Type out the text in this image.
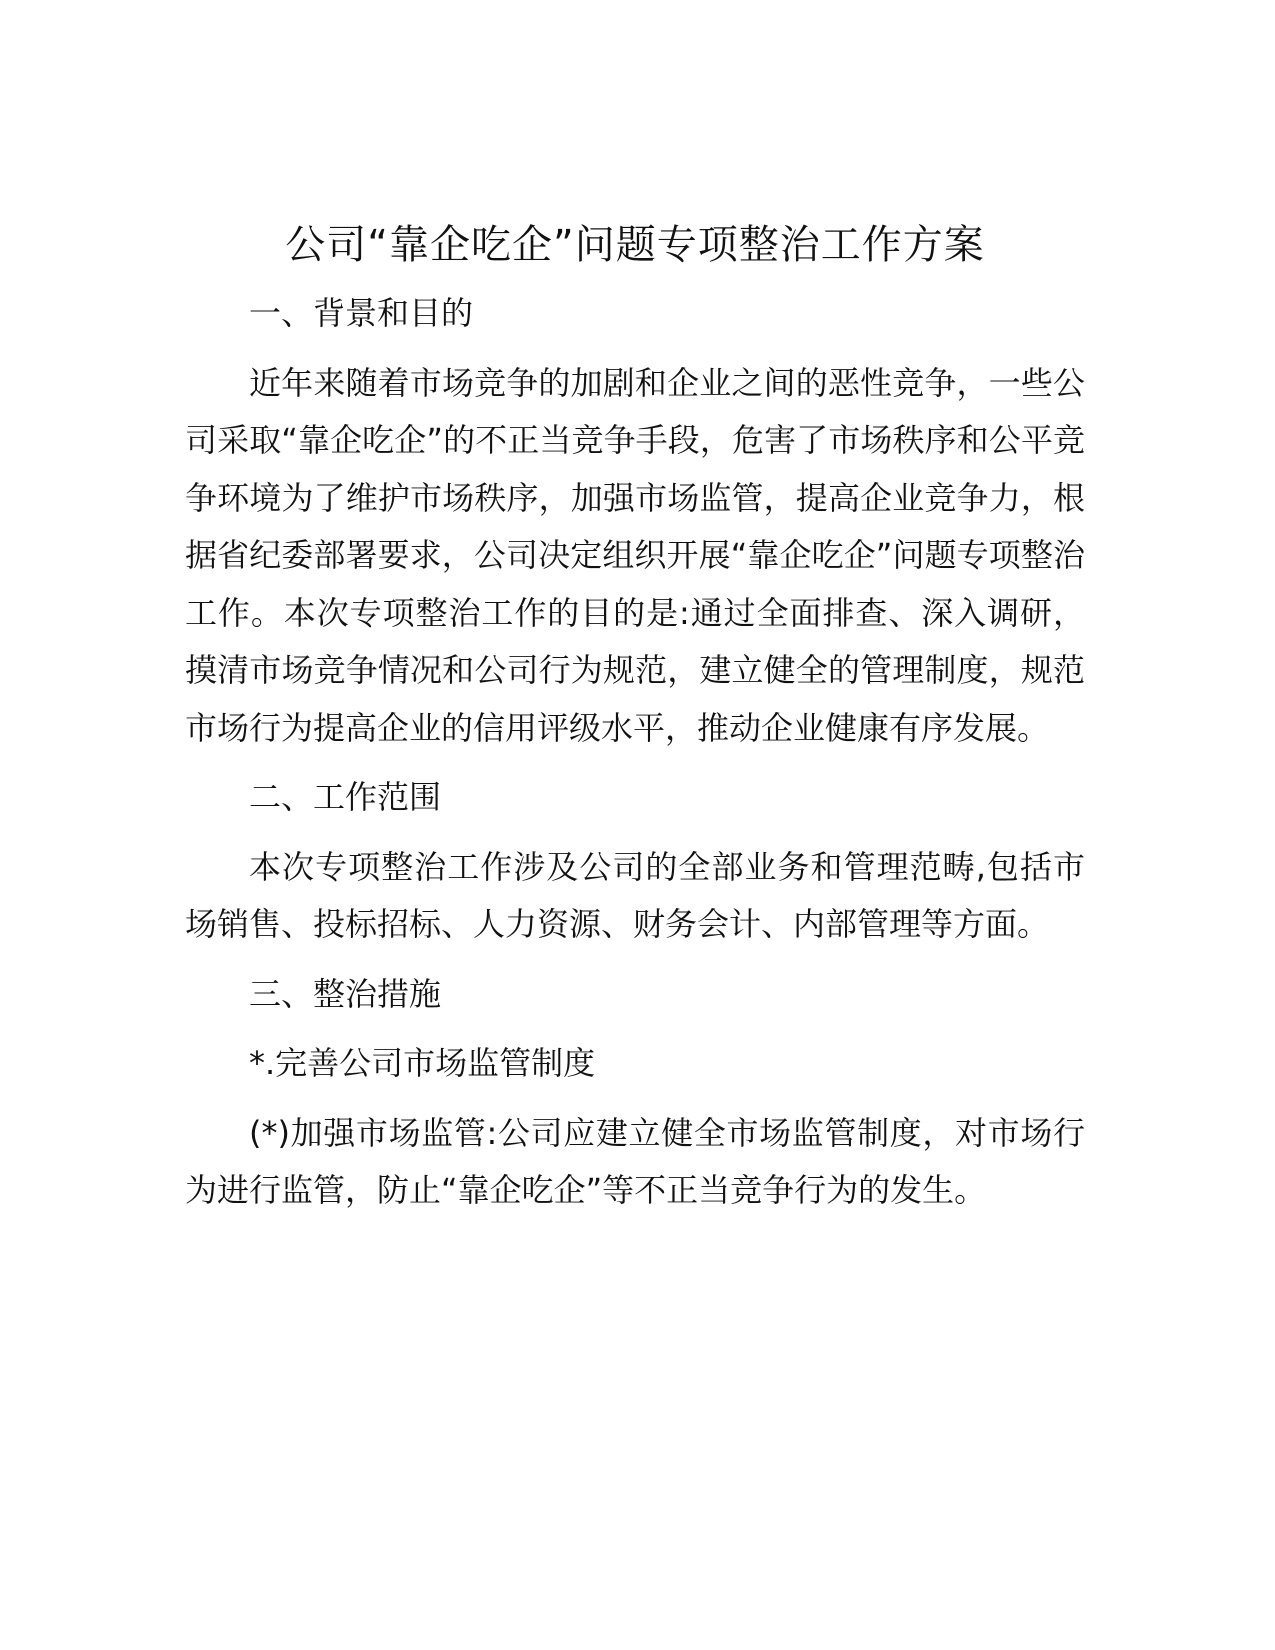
公司“靠企吃企”问题专项整治工作方案

一、背景和目的

近年来随着市场竞争的加剧和企业之间的恶性竞争，一些公司采取“靠企吃企”的不正当竞争手段，危害了市场秩序和公平竞争环境为了维护市场秩序，加强市场监管，提高企业竞争力，根据省纪委部署要求，公司决定组织开展“靠企吃企”问题专项整治工作。本次专项整治工作的目的是:通过全面排查、深入调研，摸清市场竞争情况和公司行为规范，建立健全的管理制度，规范市场行为提高企业的信用评级水平，推动企业健康有序发展。

二、工作范围

本次专项整治工作涉及公司的全部业务和管理范畴,包括市场销售、投标招标、人力资源、财务会计、内部管理等方面。

三、整治措施

*.完善公司市场监管制度

(*)加强市场监管:公司应建立健全市场监管制度，对市场行为进行监管，防止“靠企吃企”等不正当竞争行为的发生。
